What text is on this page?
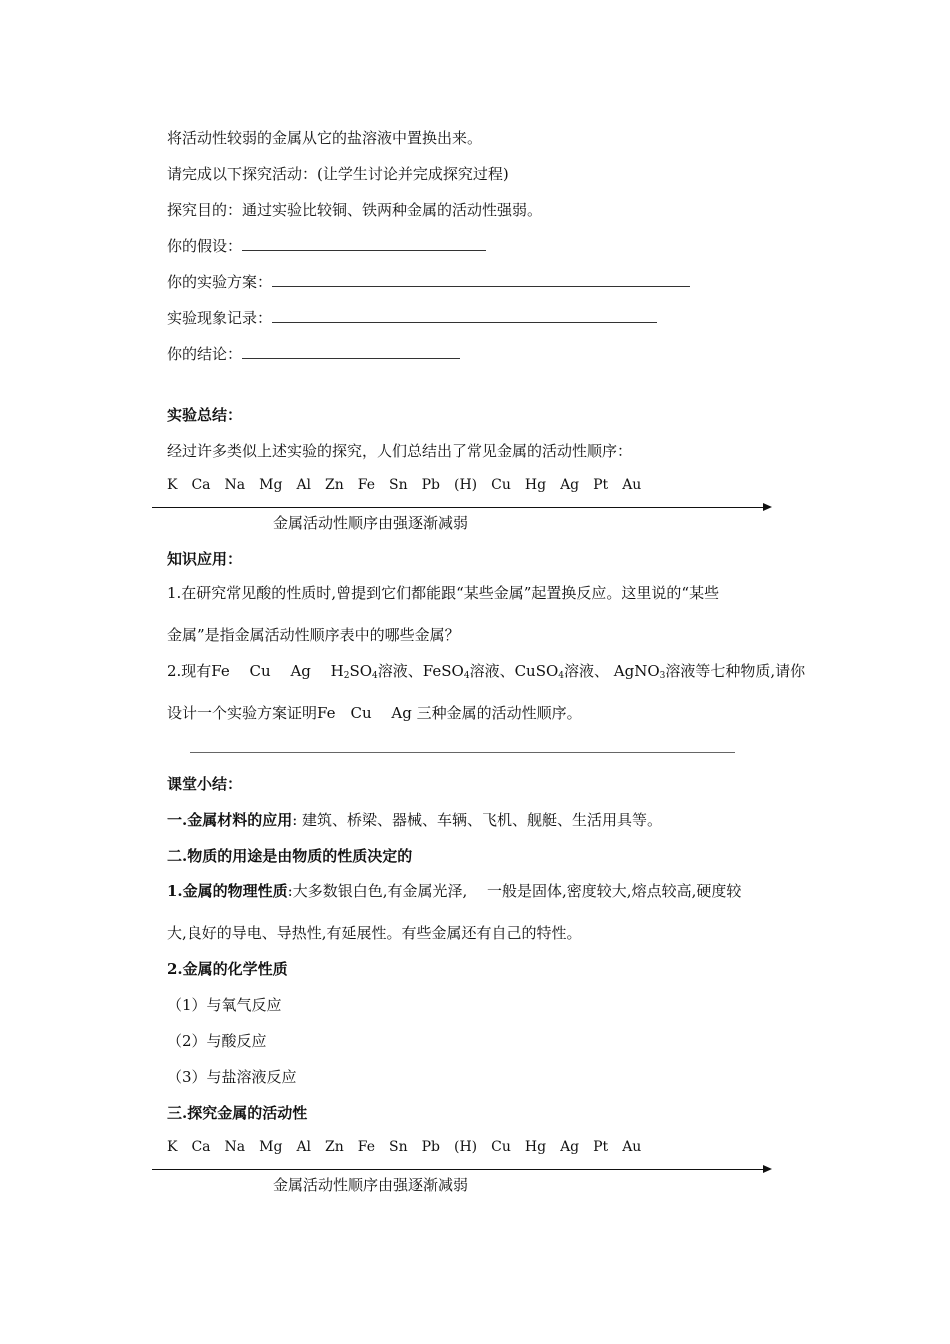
将活动性较弱的金属从它的盐溶液中置换出来。
请完成以下探究活动：(让学生讨论并完成探究过程)
探究目的：通过实验比较铜、铁两种金属的活动性强弱。
你的假设：
你的实验方案：
实验现象记录：
你的结论：
实验总结：
经过许多类似上述实验的探究，人们总结出了常见金属的活动性顺序：
K Ca Na Mg Al Zn Fe Sn Pb (H) Cu Hg Ag Pt Au
金属活动性顺序由强逐渐减弱
知识应用：
1.在研究常见酸的性质时,曾提到它们都能跟“某些金属”起置换反应。这里说的“某些
金属”是指金属活动性顺序表中的哪些金属？
2.现有Fe　 Cu　 Ag　 $H_2SO_4$溶液、FeSO$_4$溶液、CuSO$_4$溶液、 AgNO$_3$溶液等七种物质,请你
设计一个实验方案证明Fe　Cu　 Ag 三种金属的活动性顺序。
课堂小结：
一.金属材料的应用: 建筑、桥梁、器械、车辆、飞机、舰艇、生活用具等。
二.物质的用途是由物质的性质决定的
1.金属的物理性质:大多数银白色,有金属光泽,　 一般是固体,密度较大,熔点较高,硬度较
大,良好的导电、导热性,有延展性。有些金属还有自己的特性。
2.金属的化学性质
（1）与氧气反应
（2）与酸反应
（3）与盐溶液反应
三.探究金属的活动性
K Ca Na Mg Al Zn Fe Sn Pb (H) Cu Hg Ag Pt Au
金属活动性顺序由强逐渐减弱
